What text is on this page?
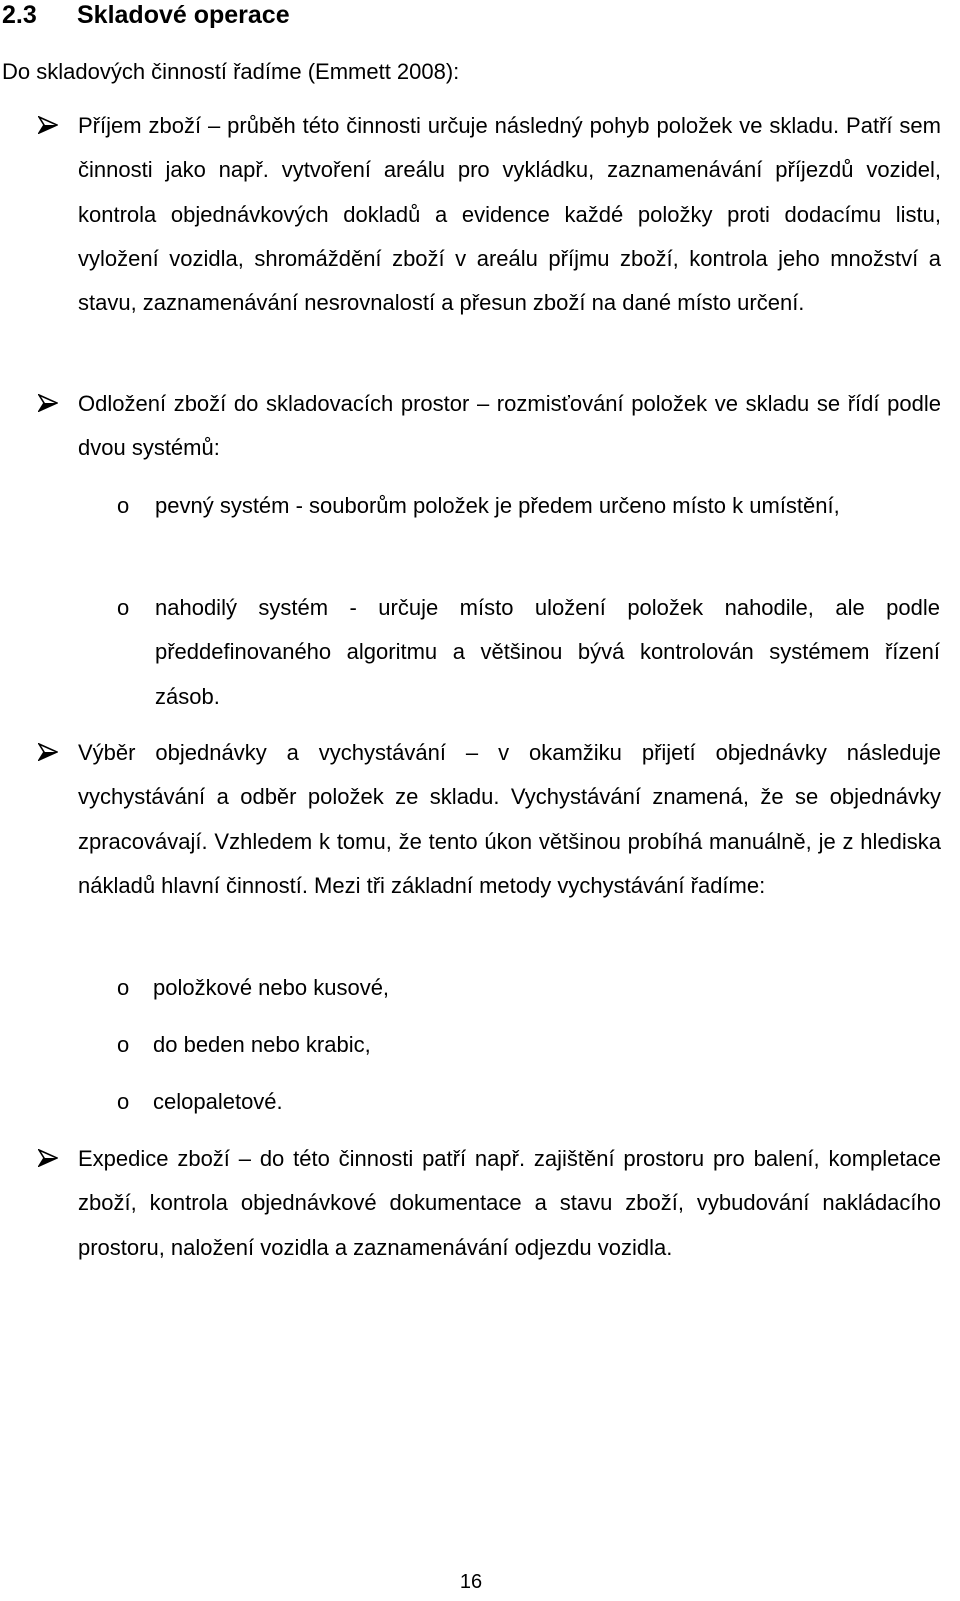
2.3 Skladové operace
Do skladových činností řadíme (Emmett 2008):
Příjem zboží – průběh této činnosti určuje následný pohyb položek ve skladu. Patří sem činnosti jako např. vytvoření areálu pro vykládku, zaznamenávání příjezdů vozidel, kontrola objednávkových dokladů a evidence každé položky proti dodacímu listu, vyložení vozidla, shromáždění zboží v areálu příjmu zboží, kontrola jeho množství a stavu, zaznamenávání nesrovnalostí a přesun zboží na dané místo určení.
Odložení zboží do skladovacích prostor – rozmisťování položek ve skladu se řídí podle dvou systémů:
o pevný systém - souborům položek je předem určeno místo k umístění,
o nahodilý systém - určuje místo uložení položek nahodile, ale podle předdefinovaného algoritmu a většinou bývá kontrolován systémem řízení zásob.
Výběr objednávky a vychystávání – v okamžiku přijetí objednávky následuje vychystávání a odběr položek ze skladu. Vychystávání znamená, že se objednávky zpracovávají. Vzhledem k tomu, že tento úkon většinou probíhá manuálně, je z hlediska nákladů hlavní činností. Mezi tři základní metody vychystávání řadíme:
o položkové nebo kusové,
o do beden nebo krabic,
o celopaletové.
Expedice zboží – do této činnosti patří např. zajištění prostoru pro balení, kompletace zboží, kontrola objednávkové dokumentace a stavu zboží, vybudování nakládacího prostoru, naložení vozidla a zaznamenávání odjezdu vozidla.
16
